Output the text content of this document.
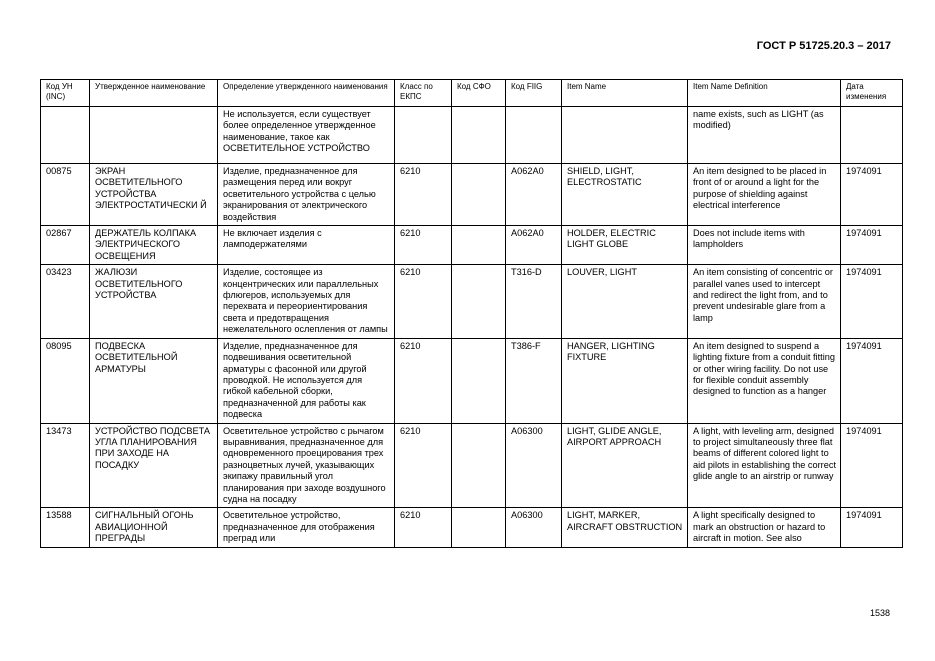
ГОСТ Р 51725.20.3 – 2017
Код УН (INC)	Утвержденное наименование	Определение утвержденного наименования	Класс по ЕКПС	Код СФО	Код FIIG	Item Name	Item Name Definition	Дата изменения
		Не используется, если существует более определенное утвержденное наименование, такое как ОСВЕТИТЕЛЬНОЕ УСТРОЙСТВО					name exists, such as LIGHT (as modified)	
00875	ЭКРАН ОСВЕТИТЕЛЬНОГО УСТРОЙСТВА ЭЛЕКТРОСТАТИЧЕСКИ Й	Изделие, предназначенное для размещения перед или вокруг осветительного устройства с целью экранирования от электрического воздействия	6210		A062A0	SHIELD, LIGHT, ELECTROSTATIC	An item designed to be placed in front of or around a light for the purpose of shielding against electrical interference	1974091
02867	ДЕРЖАТЕЛЬ КОЛПАКА ЭЛЕКТРИЧЕСКОГО ОСВЕЩЕНИЯ	Не включает изделия с ламподержателями	6210		A062A0	HOLDER, ELECTRIC LIGHT GLOBE	Does not include items with lampholders	1974091
03423	ЖАЛЮЗИ ОСВЕТИТЕЛЬНОГО УСТРОЙСТВА	Изделие, состоящее из концентрических или параллельных флюгеров, используемых для перехвата и переориентирования света и предотвращения нежелательного ослепления от лампы	6210		T316-D	LOUVER, LIGHT	An item consisting of concentric or parallel vanes used to intercept and redirect the light from, and to prevent undesirable glare from a lamp	1974091
08095	ПОДВЕСКА ОСВЕТИТЕЛЬНОЙ АРМАТУРЫ	Изделие, предназначенное для подвешивания осветительной арматуры с фасонной или другой проводкой. Не используется для гибкой кабельной сборки, предназначенной для работы как подвеска	6210		T386-F	HANGER, LIGHTING FIXTURE	An item designed to suspend a lighting fixture from a conduit fitting or other wiring facility. Do not use for flexible conduit assembly designed to function as a hanger	1974091
13473	УСТРОЙСТВО ПОДСВЕТА УГЛА ПЛАНИРОВАНИЯ ПРИ ЗАХОДЕ НА ПОСАДКУ	Осветительное устройство с рычагом выравнивания, предназначенное для одновременного проецирования трех разноцветных лучей, указывающих экипажу правильный угол планирования при заходе воздушного судна на посадку	6210		A06300	LIGHT, GLIDE ANGLE, AIRPORT APPROACH	A light, with leveling arm, designed to project simultaneously three flat beams of different colored light to aid pilots in establishing the correct glide angle to an airstrip or runway	1974091
13588	СИГНАЛЬНЫЙ ОГОНЬ АВИАЦИОННОЙ ПРЕГРАДЫ	Осветительное устройство, предназначенное для отображения преград или	6210		A06300	LIGHT, MARKER, AIRCRAFT OBSTRUCTION	A light specifically designed to mark an obstruction or hazard to aircraft in motion. See also	1974091
1538
